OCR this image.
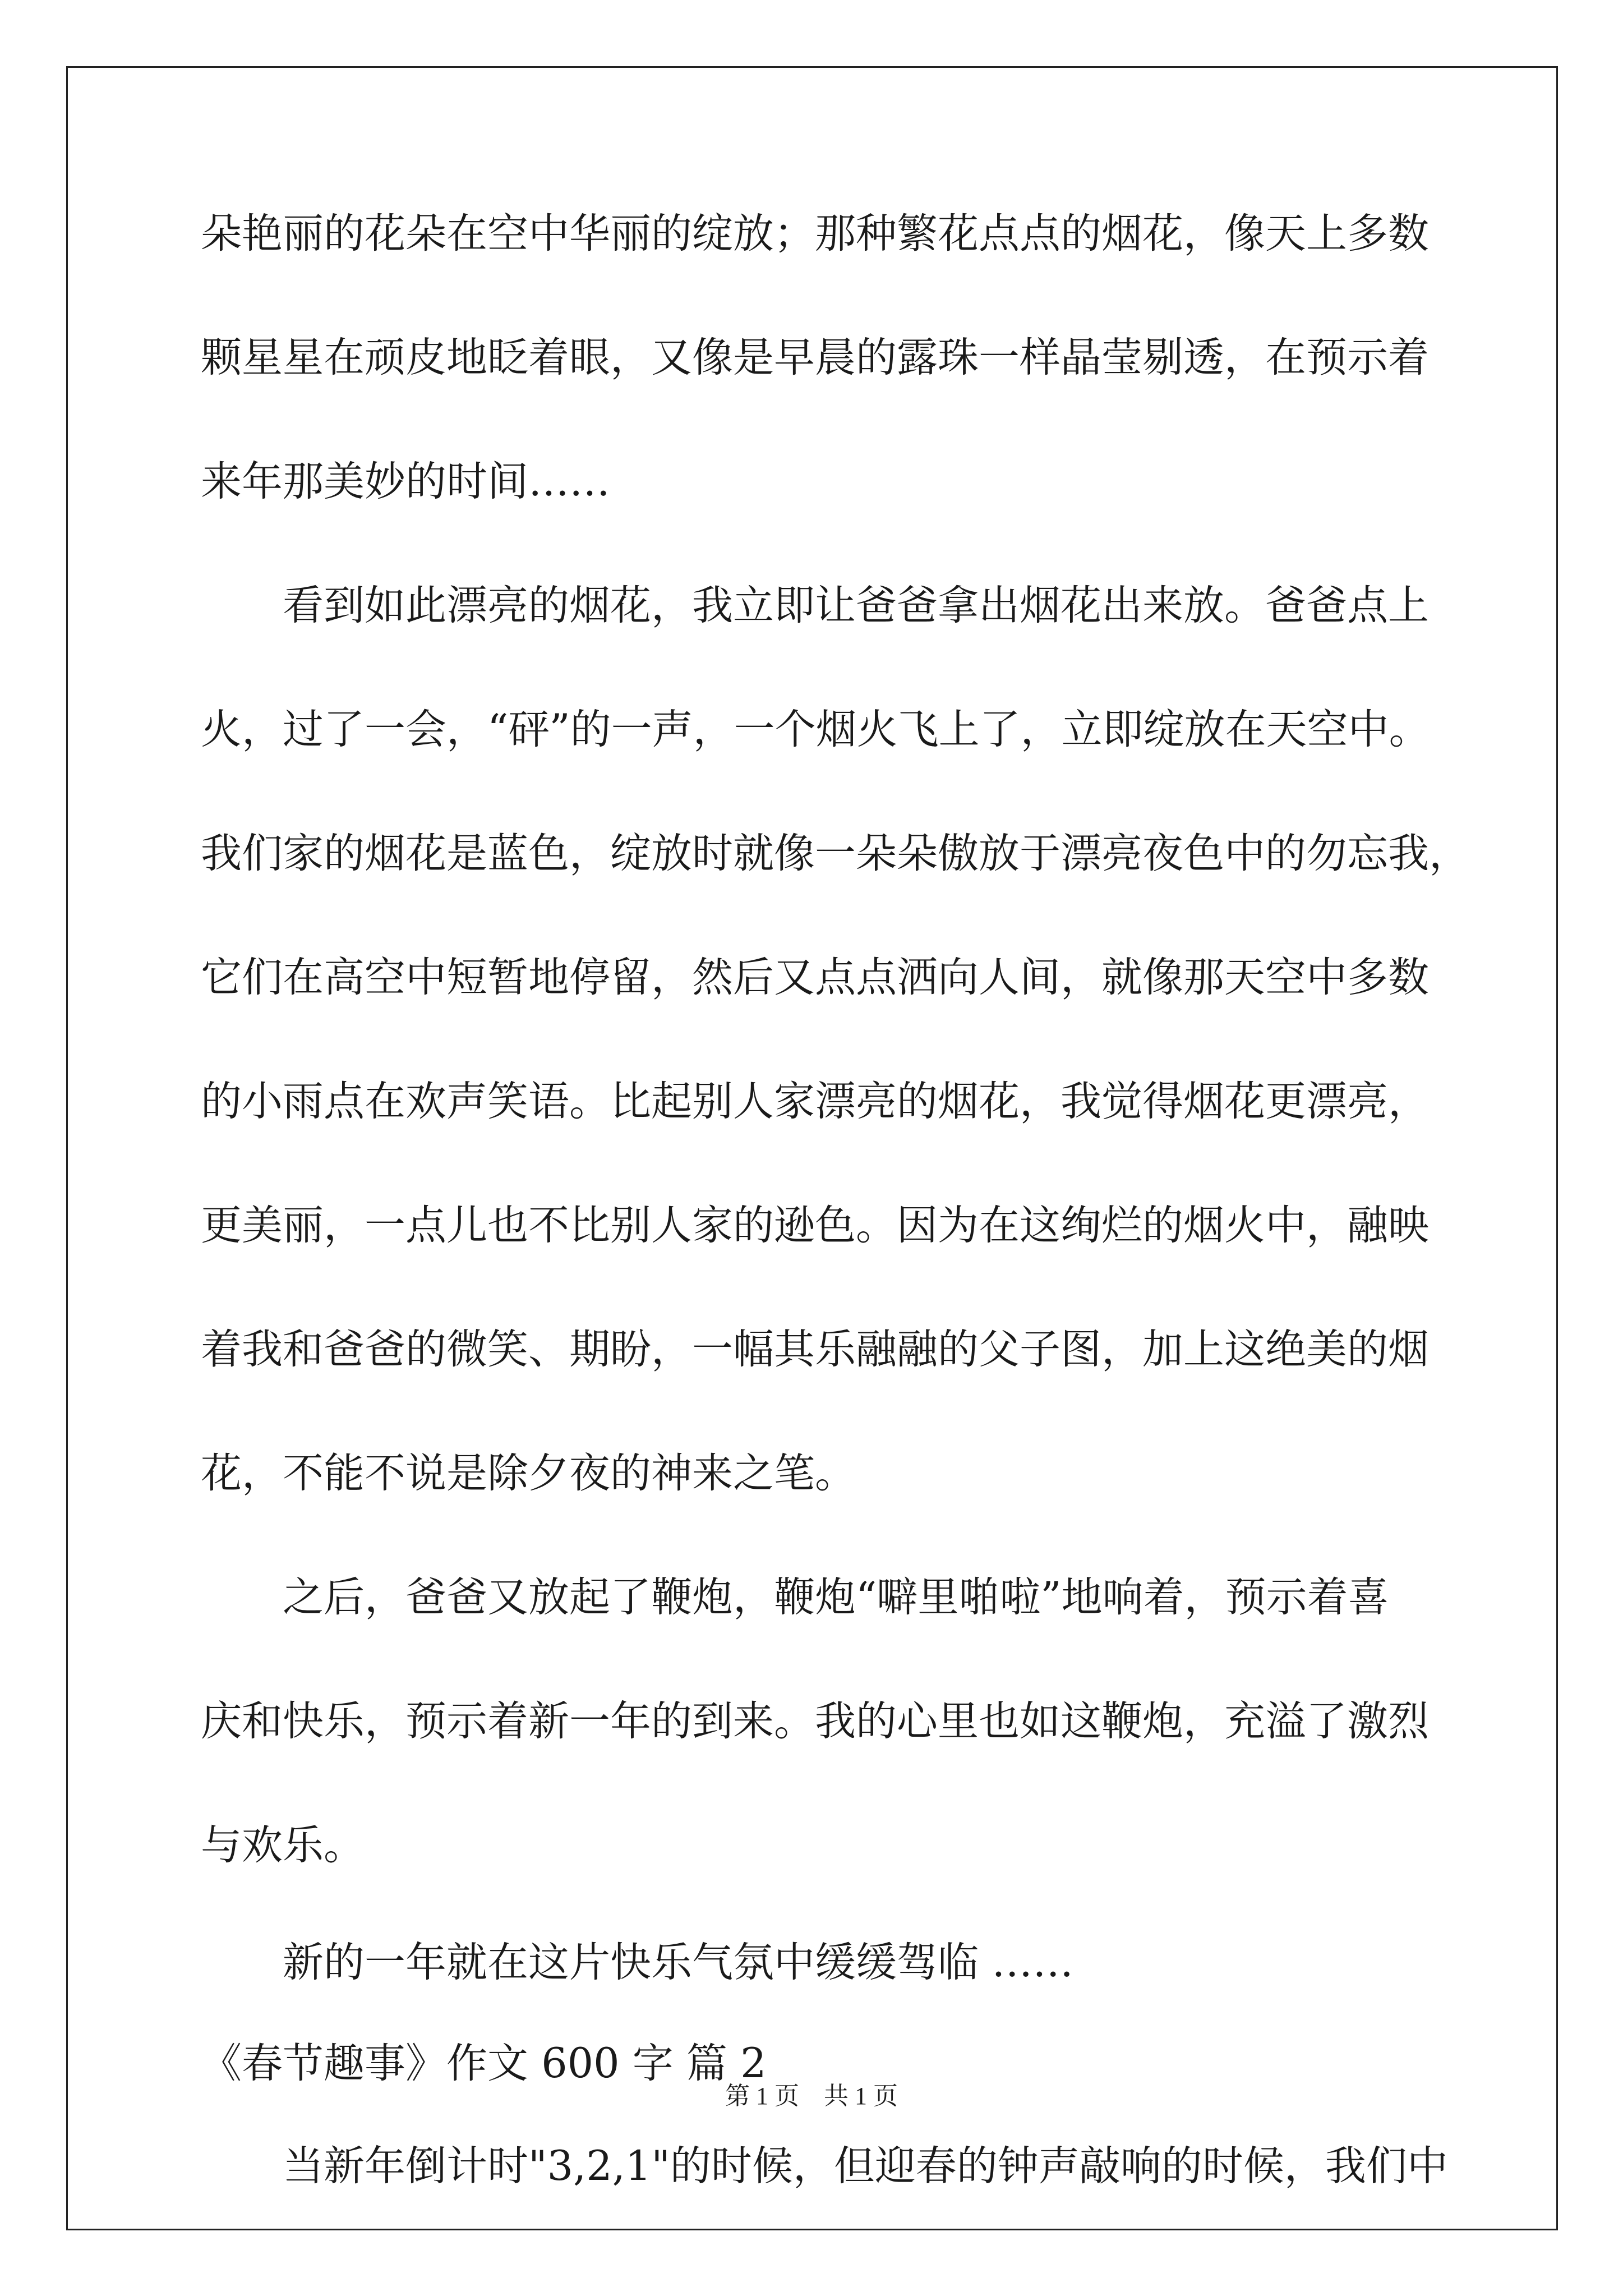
朵艳丽的花朵在空中华丽的绽放；那种繁花点点的烟花，像天上多数
颗星星在顽皮地眨着眼，又像是早晨的露珠一样晶莹剔透，在预示着
来年那美妙的时间……
看到如此漂亮的烟花，我立即让爸爸拿出烟花出来放。爸爸点上
火，过了一会，“砰”的一声，一个烟火飞上了，立即绽放在天空中。
我们家的烟花是蓝色，绽放时就像一朵朵傲放于漂亮夜色中的勿忘我，
它们在高空中短暂地停留，然后又点点洒向人间，就像那天空中多数
的小雨点在欢声笑语。比起别人家漂亮的烟花，我觉得烟花更漂亮，
更美丽，一点儿也不比别人家的逊色。因为在这绚烂的烟火中，融映
着我和爸爸的微笑、期盼，一幅其乐融融的父子图，加上这绝美的烟
花，不能不说是除夕夜的神来之笔。
之后，爸爸又放起了鞭炮，鞭炮“噼里啪啦”地响着，预示着喜
庆和快乐，预示着新一年的到来。我的心里也如这鞭炮，充溢了激烈
与欢乐。
新的一年就在这片快乐气氛中缓缓驾临 ……
《春节趣事》作文 600 字 篇 2
当新年倒计时"3,2,1"的时候，但迎春的钟声敲响的时候，我们中
第 1 页　共 1 页
